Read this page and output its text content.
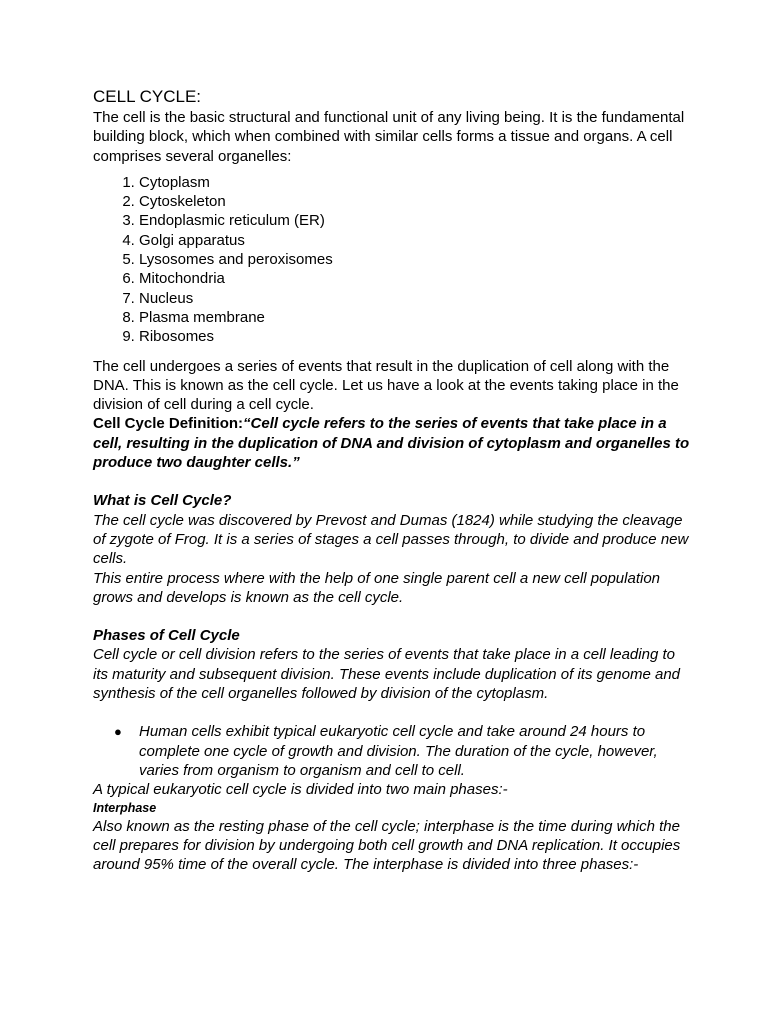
CELL CYCLE:

The cell is the basic structural and functional unit of any living being. It is the fundamental building block, which when combined with similar cells forms a tissue and organs. A cell comprises several organelles:

1. Cytoplasm
2. Cytoskeleton
3. Endoplasmic reticulum (ER)
4. Golgi apparatus
5. Lysosomes and peroxisomes
6. Mitochondria
7. Nucleus
8. Plasma membrane
9. Ribosomes

The cell undergoes a series of events that result in the duplication of cell along with the DNA. This is known as the cell cycle. Let us have a look at the events taking place in the division of cell during a cell cycle.

Cell Cycle Definition:“Cell cycle refers to the series of events that take place in a cell, resulting in the duplication of DNA and division of cytoplasm and organelles to produce two daughter cells.”

What is Cell Cycle?

The cell cycle was discovered by Prevost and Dumas (1824) while studying the cleavage of zygote of Frog. It is a series of stages a cell passes through, to divide and produce new cells.

This entire process where with the help of one single parent cell a new cell population grows and develops is known as the cell cycle.

Phases of Cell Cycle

Cell cycle or cell division refers to the series of events that take place in a cell leading to its maturity and subsequent division. These events include duplication of its genome and synthesis of the cell organelles followed by division of the cytoplasm.

● Human cells exhibit typical eukaryotic cell cycle and take around 24 hours to complete one cycle of growth and division. The duration of the cycle, however, varies from organism to organism and cell to cell.

A typical eukaryotic cell cycle is divided into two main phases:-

Interphase

Also known as the resting phase of the cell cycle; interphase is the time during which the cell prepares for division by undergoing both cell growth and DNA replication. It occupies around 95% time of the overall cycle. The interphase is divided into three phases:-
